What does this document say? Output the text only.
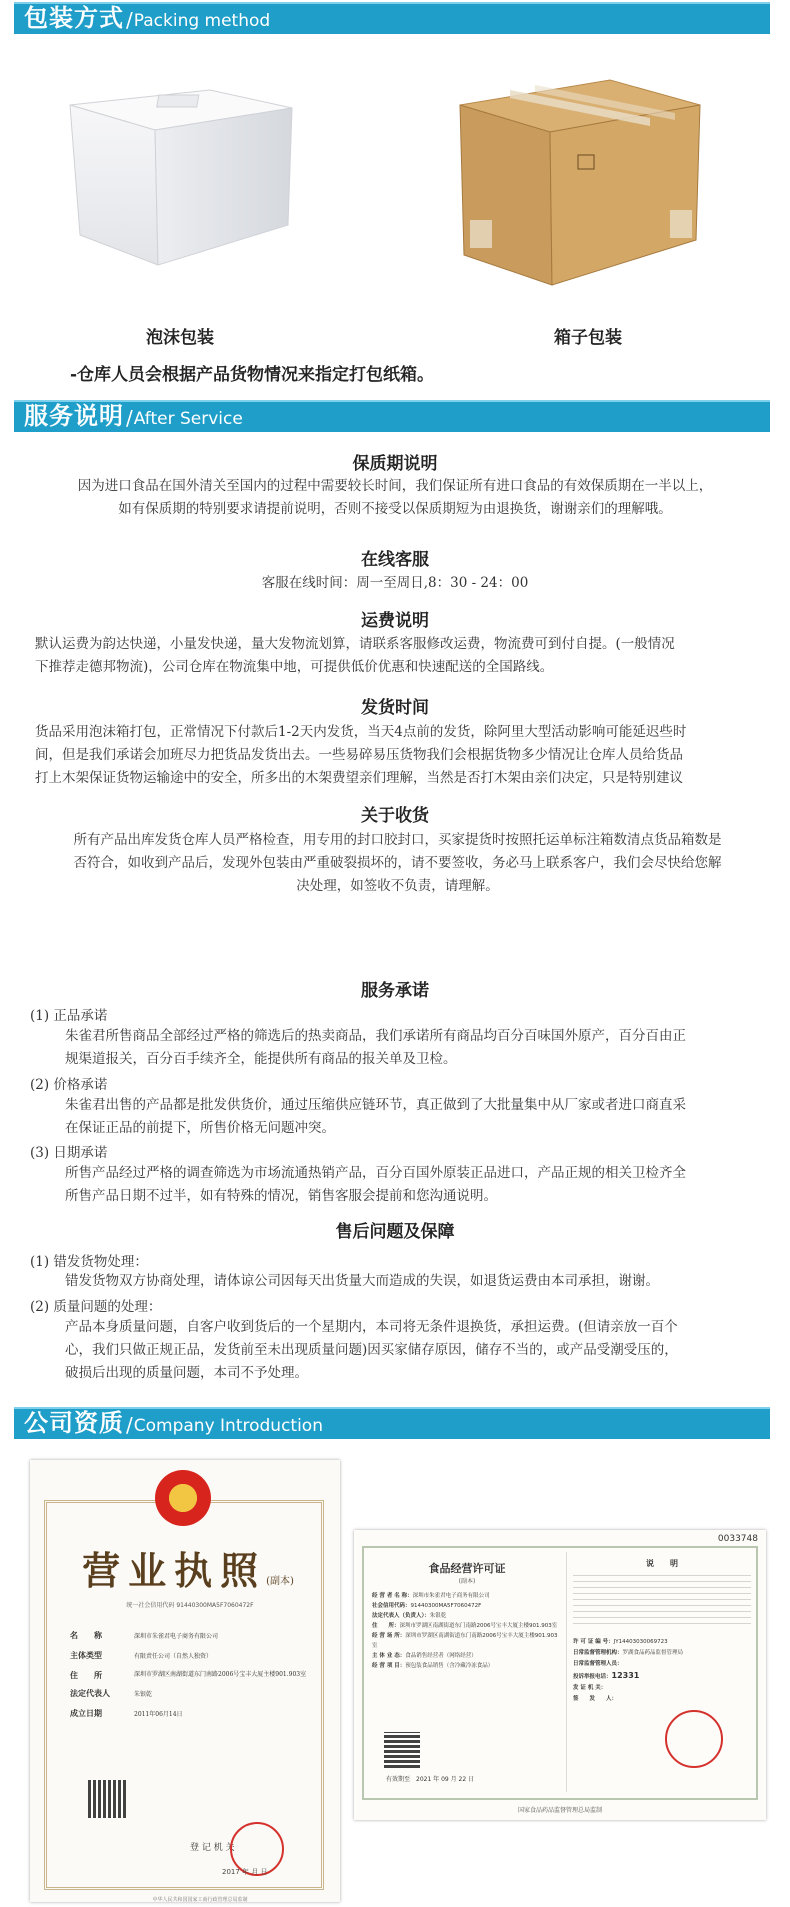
包装方式 / Packing method
泡沫包装	箱子包装
-仓库人员会根据产品货物情况来指定打包纸箱。
服务说明 / After Service
保质期说明

因为进口食品在国外清关至国内的过程中需要较长时间，我们保证所有进口食品的有效保质期在一半以上，

如有保质期的特别要求请提前说明，否则不接受以保质期短为由退换货，谢谢亲们的理解哦。

在线客服
客服在线时间：周一至周日,8：30 - 24：00
运费说明

默认运费为韵达快递，小量发快递，量大发物流划算，请联系客服修改运费，物流费可到付自提。(一般情况

下推荐走德邦物流)，公司仓库在物流集中地，可提供低价优惠和快速配送的全国路线。

发货时间

货品采用泡沫箱打包，正常情况下付款后1-2天内发货，当天4点前的发货，除阿里大型活动影响可能延迟些时

间，但是我们承诺会加班尽力把货品发货出去。一些易碎易压货物我们会根据货物多少情况让仓库人员给货品

打上木架保证货物运输途中的安全，所多出的木架费望亲们理解，当然是否打木架由亲们决定，只是特别建议

关于收货

所有产品出库发货仓库人员严格检查，用专用的封口胶封口，买家提货时按照托运单标注箱数清点货品箱数是

否符合，如收到产品后，发现外包装由严重破裂损坏的，请不要签收，务必马上联系客户，我们会尽快给您解

决处理，如签收不负责，请理解。

服务承诺
(1) 正品承诺

朱雀君所售商品全部经过严格的筛选后的热卖商品，我们承诺所有商品均百分百味国外原产，百分百由正

规渠道报关，百分百手续齐全，能提供所有商品的报关单及卫检。

(2) 价格承诺

朱雀君出售的产品都是批发供货价，通过压缩供应链环节，真正做到了大批量集中从厂家或者进口商直采

在保证正品的前提下，所售价格无问题冲突。

(3) 日期承诺

所售产品经过严格的调查筛选为市场流通热销产品，百分百国外原装正品进口，产品正规的相关卫检齐全

所售产品日期不过半，如有特殊的情况，销售客服会提前和您沟通说明。

售后问题及保障
(1) 错发货物处理：

错发货物双方协商处理，请体谅公司因每天出货量大而造成的失误，如退货运费由本司承担，谢谢。

(2) 质量问题的处理：

产品本身质量问题，自客户收到货后的一个星期内，本司将无条件退换货，承担运费。(但请亲放一百个

心，我们只做正规正品，发货前至未出现质量问题)因买家储存原因，储存不当的，或产品受潮受压的，

破损后出现的质量问题，本司不予处理。

公司资质 / Company Introduction
营业执照(副本)
统一社会信用代码 91440300MA5F7060472F
名　　称	深圳市朱雀君电子商务有限公司
主体类型	有限责任公司（自然人独资）
住　　所	深圳市罗湖区南湖街道东门南路2006号宝丰大厦主楼901.903室
法定代表人	朱银乾
成立日期	2011年06月14日
登 记 机 关
2017 年 月 日
中华人民共和国国家工商行政管理总局监制
0033748
食品经营许可证
(副本)
经 营 者 名 称：深圳市朱雀君电子商务有限公司
社会信用代码：91440300MA5F7060472F
法定代表人（负责人）：朱银乾
住　　所：深圳市罗湖区南湖街道东门南路2006号宝丰大厦主楼901.903室
经 营 场 所：深圳市罗湖区南湖街道东门南路2006号宝丰大厦主楼901.903室
主 体 业 态：食品销售经营者（网络经营）
经 营 项 目：预包装食品销售（含冷藏冷冻食品）
有效期至　2021 年 09 月 22 日
说　　明
许 可 证 编 号：JY14403030069723
日常监督管理机构：罗湖食品药品监督管理局
日常监督管理人员：
投诉举报电话：12331
发 证 机 关：
签　　发　　人：
国家食品药品监督管理总局监制
